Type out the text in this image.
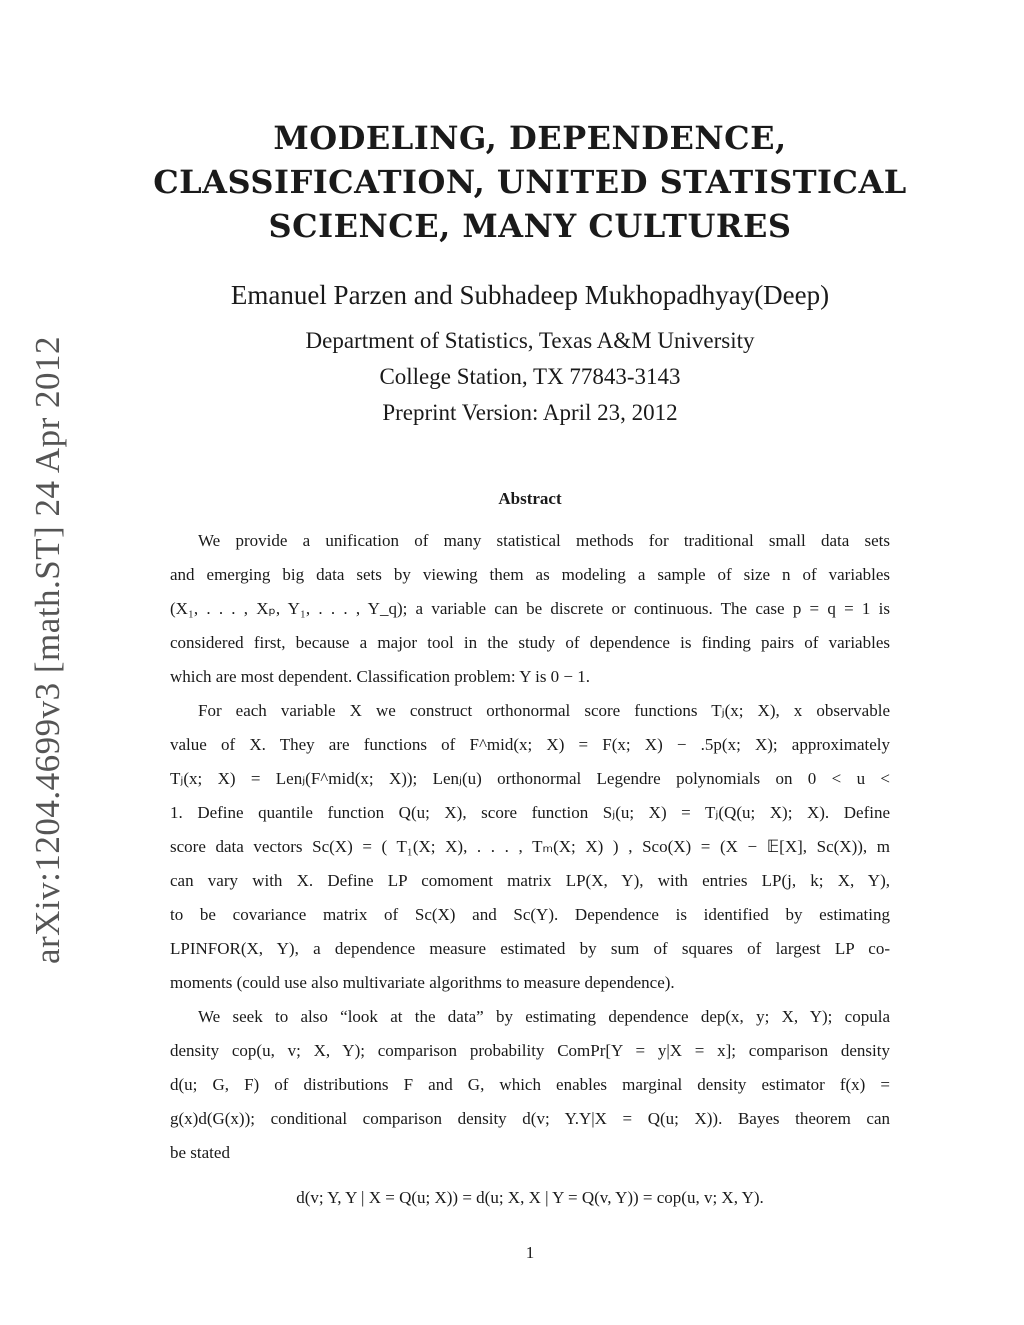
arXiv:1204.4699v3 [math.ST] 24 Apr 2012
MODELING, DEPENDENCE,
CLASSIFICATION, UNITED STATISTICAL
SCIENCE, MANY CULTURES
Emanuel Parzen and Subhadeep Mukhopadhyay(Deep)
Department of Statistics, Texas A&M University
College Station, TX 77843-3143
Preprint Version: April 23, 2012
Abstract
We provide a unification of many statistical methods for traditional small data sets
and emerging big data sets by viewing them as modeling a sample of size n of variables
(X₁, . . . , Xₚ, Y₁, . . . , Y_q); a variable can be discrete or continuous. The case p = q = 1 is
considered first, because a major tool in the study of dependence is finding pairs of variables
which are most dependent. Classification problem: Y is 0 − 1.
For each variable X we construct orthonormal score functions Tⱼ(x; X), x observable
value of X. They are functions of F^mid(x; X) = F(x; X) − .5p(x; X); approximately
Tⱼ(x; X) = Lenⱼ(F^mid(x; X)); Lenⱼ(u) orthonormal Legendre polynomials on 0 < u <
1. Define quantile function Q(u; X), score function Sⱼ(u; X) = Tⱼ(Q(u; X); X). Define
score data vectors Sc(X) = ( T₁(X; X), . . . , Tₘ(X; X) ) , Sco(X) = (X − 𝔼[X], Sc(X)), m
can vary with X. Define LP comoment matrix LP(X, Y), with entries LP(j, k; X, Y),
to be covariance matrix of Sc(X) and Sc(Y). Dependence is identified by estimating
LPINFOR(X, Y), a dependence measure estimated by sum of squares of largest LP co-
moments (could use also multivariate algorithms to measure dependence).
We seek to also “look at the data” by estimating dependence dep(x, y; X, Y); copula
density cop(u, v; X, Y); comparison probability ComPr[Y = y|X = x]; comparison density
d(u; G, F) of distributions F and G, which enables marginal density estimator f(x) =
g(x)d(G(x)); conditional comparison density d(v; Y.Y|X = Q(u; X)). Bayes theorem can
be stated
d(v; Y, Y | X = Q(u; X)) = d(u; X, X | Y = Q(v, Y)) = cop(u, v; X, Y).
1
